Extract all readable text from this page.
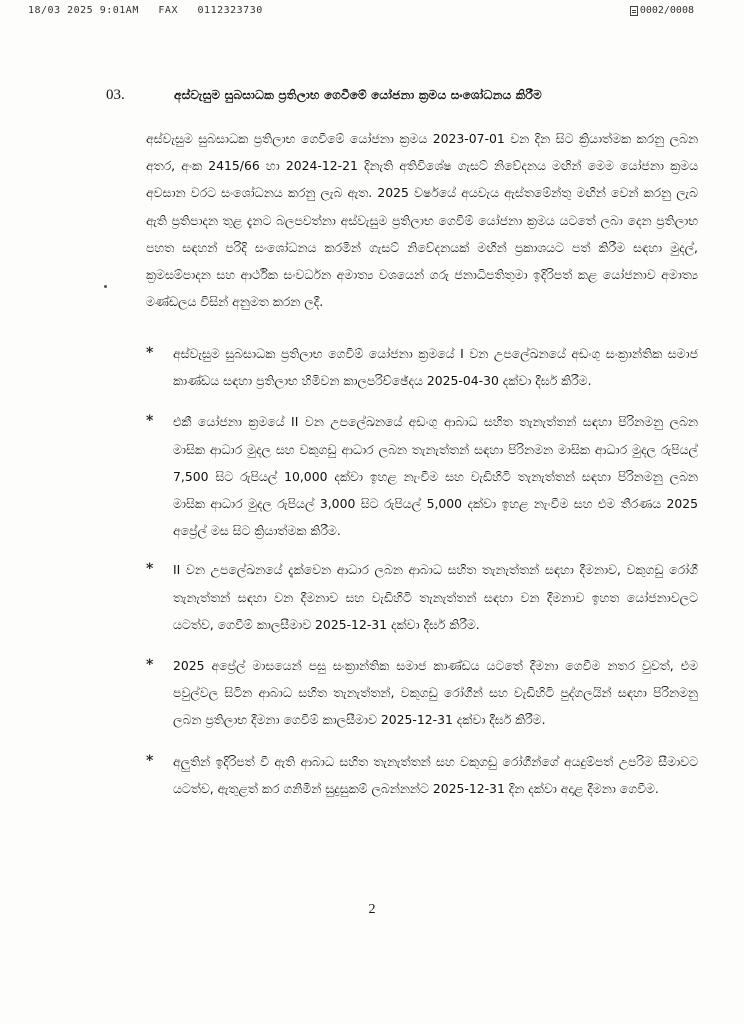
18/03 2025 9:01AM   FAX   0112323730	0002/0008
03.	අස්වැසුම සුබසාධක ප්‍රතිලාභ ගෙවීමේ යෝජනා ක්‍රමය සංශෝධනය කිරීම
අස්වැසුම සුබසාධක ප්‍රතිලාභ ගෙවීමේ යෝජනා ක්‍රමය 2023-07-01 වන දින සිට ක්‍රියාත්මක කරනු ලබන අතර, අංක 2415/66 හා 2024-12-21 දිනැති අතිවිශේෂ ගැසට් නිවේදනය මඟින් මෙම යෝජනා ක්‍රමය අවසාන වරට සංශෝධනය කරනු ලැබ ඇත. 2025 වර්ෂයේ අයවැය ඇස්තමේන්තු මඟින් වෙන් කරනු ලැබ ඇති ප්‍රතිපාදන තුළ දැනට බලපවත්නා අස්වැසුම ප්‍රතිලාභ ගෙවීම් යෝජනා ක්‍රමය යටතේ ලබා දෙන ප්‍රතිලාභ පහත සඳහන් පරිදි සංශෝධනය කරමින් ගැසට් නිවේදනයක් මඟින් ප්‍රකාශයට පත් කිරීම සඳහා මුදල්, ක්‍රමසම්පාදන සහ ආර්ථික සංවර්ධන අමාත්‍ය වශයෙන් ගරු ජනාධිපතිතුමා ඉදිරිපත් කළ යෝජනාව අමාත්‍ය මණ්ඩලය විසින් අනුමත කරන ලදී.
* අස්වැසුම සුබසාධක ප්‍රතිලාභ ගෙවීම් යෝජනා ක්‍රමයේ I වන උපලේඛනයේ අඩංගු සංක්‍රාන්තික සමාජ කාණ්ඩය සඳහා ප්‍රතිලාභ හිමිවන කාලපරිච්ඡේදය 2025-04-30 දක්වා දීර්ඝ කිරීම.
* එකී යෝජනා ක්‍රමයේ II වන උපලේඛනයේ අඩංගු ආබාධ සහිත තැනැත්තන් සඳහා පිරිනමනු ලබන මාසික ආධාර මුදල සහ වකුගඩු ආධාර ලබන තැනැත්තන් සඳහා පිරිනමන මාසික ආධාර මුදල රුපියල් 7,500 සිට රුපියල් 10,000 දක්වා ඉහළ නැංවීම සහ වැඩිහිටි තැනැත්තන් සඳහා පිරිනමනු ලබන මාසික ආධාර මුදල රුපියල් 3,000 සිට රුපියල් 5,000 දක්වා ඉහළ නැංවීම සහ එම තීරණය 2025 අප්‍රේල් මස සිට ක්‍රියාත්මක කිරීම.
* II වන උපලේඛනයේ දැක්වෙන ආධාර ලබන ආබාධ සහිත තැනැත්තන් සඳහා දීමනාව, වකුගඩු රෝගී තැනැත්තන් සඳහා වන දීමනාව සහ වැඩිහිටි තැනැත්තන් සඳහා වන දීමනාව ඉහත යෝජනාවලට යටත්ව, ගෙවීම් කාලසීමාව 2025-12-31 දක්වා දීර්ඝ කිරීම.
* 2025 අප්‍රේල් මාසයෙන් පසු සංක්‍රාන්තික සමාජ කාණ්ඩය යටතේ දීමනා ගෙවීම නතර වුවත්, එම පවුල්වල සිටින ආබාධ සහිත තැනැත්තන්, වකුගඩු රෝගීන් සහ වැඩිහිටි පුද්ගලයින් සඳහා පිරිනමනු ලබන ප්‍රතිලාභ දීමනා ගෙවීම් කාලසීමාව 2025-12-31 දක්වා දීර්ඝ කිරීම.
* අලුතින් ඉදිරිපත් වී ඇති ආබාධ සහිත තැනැත්තන් සහ වකුගඩු රෝගීන්ගේ අයදුම්පත් උපරිම සීමාවට යටත්ව, ඇතුළත් කර ගනිමින් සුදුසුකම් ලබන්නන්ට 2025-12-31 දින දක්වා අදාළ දීමනා ගෙවීම.
2
